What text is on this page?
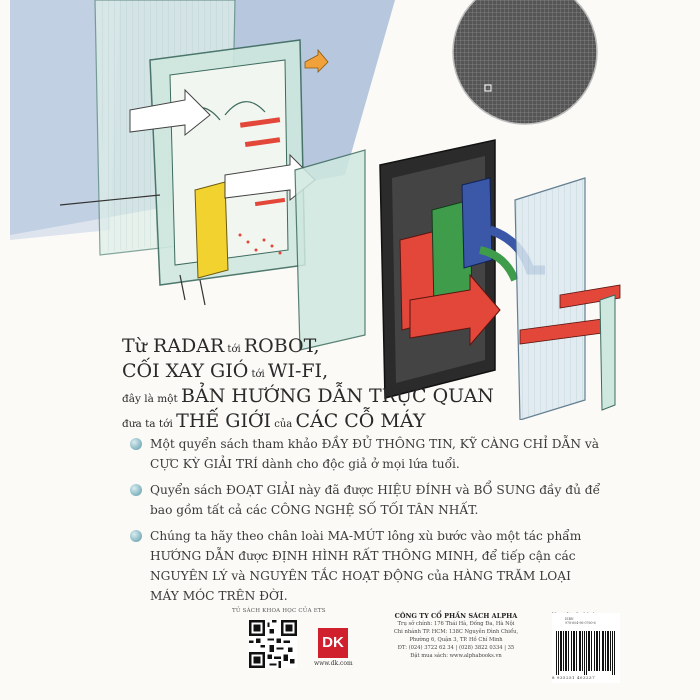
Từ RADAR tới ROBOT,
CỐI XAY GIÓ tới WI-FI,
đây là một BẢN HƯỚNG DẪN TRỰC QUAN
đưa ta tới THẾ GIỚI của CÁC CỖ MÁY
Một quyển sách tham khảo ĐẦY ĐỦ THÔNG TIN, KỸ CÀNG CHỈ DẪN và
CỰC KỲ GIẢI TRÍ dành cho độc giả ở mọi lứa tuổi.
Quyển sách ĐOẠT GIẢI này đã được HIỆU ĐÍNH và BỔ SUNG đầy đủ để
bao gồm tất cả các CÔNG NGHỆ SỐ TỐI TÂN NHẤT.
Chúng ta hãy theo chân loài MA-MÚT lông xù bước vào một tác phẩm
HƯỚNG DẪN được ĐỊNH HÌNH RẤT THÔNG MINH, để tiếp cận các
NGUYÊN LÝ và NGUYÊN TẮC HOẠT ĐỘNG của HÀNG TRĂM LOẠI
MÁY MÓC TRÊN ĐỜI.
TỦ SÁCH KHOA HỌC CỦA ETS
DK
www.dk.com
CÔNG TY CỔ PHẦN SÁCH ALPHA
Trụ sở chính: 176 Thái Hà, Đống Đa, Hà Nội
Chi nhánh TP. HCM: 138C Nguyễn Đình Chiểu,
Phường 6, Quận 3, TP. Hồ Chí Minh
ĐT: (024) 3722 62 34 | (028) 3822 0334 | 35
Đặt mua sách: www.alphabooks.vn
ISBN
978-604-96-0760-6
8 935251 403237
